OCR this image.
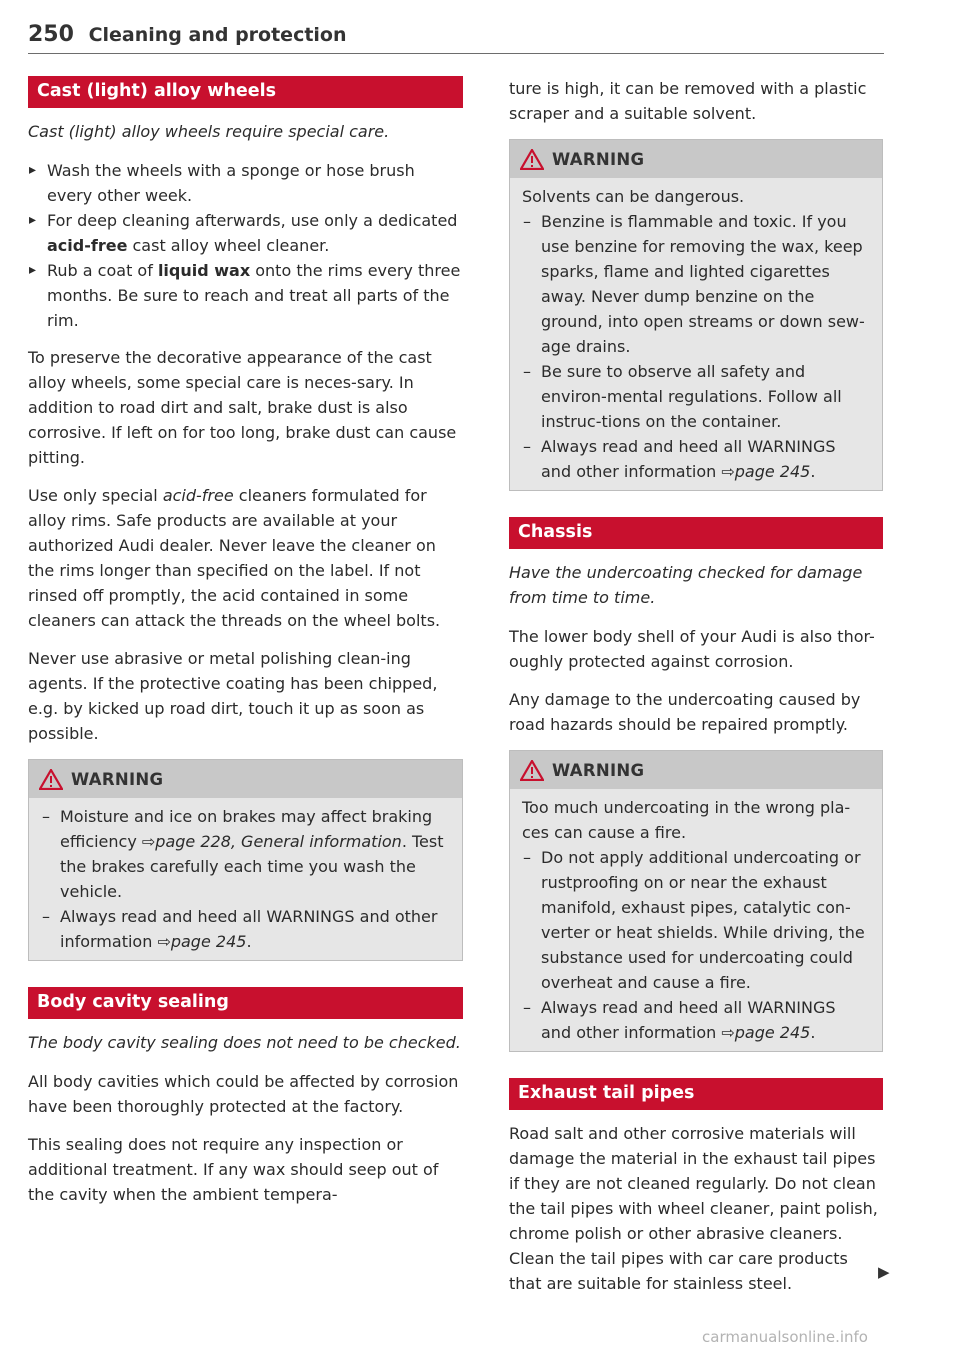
250 Cleaning and protection
Cast (light) alloy wheels
Cast (light) alloy wheels require special care.
▸ Wash the wheels with a sponge or hose brush every other week.
▸ For deep cleaning afterwards, use only a dedicated acid-free cast alloy wheel cleaner.
▸ Rub a coat of liquid wax onto the rims every three months. Be sure to reach and treat all parts of the rim.

To preserve the decorative appearance of the cast alloy wheels, some special care is neces-sary. In addition to road dirt and salt, brake dust is also corrosive. If left on for too long, brake dust can cause pitting.

Use only special acid-free cleaners formulated for alloy rims. Safe products are available at your authorized Audi dealer. Never leave the cleaner on the rims longer than specified on the label. If not rinsed off promptly, the acid contained in some cleaners can attack the threads on the wheel bolts.

Never use abrasive or metal polishing clean-ing agents. If the protective coating has been chipped, e.g. by kicked up road dirt, touch it up as soon as possible.

WARNING
– Moisture and ice on brakes may affect braking efficiency ⇨page 228, General information. Test the brakes carefully each time you wash the vehicle.
– Always read and heed all WARNINGS and other information ⇨page 245.
Body cavity sealing
The body cavity sealing does not need to be checked.

All body cavities which could be affected by corrosion have been thoroughly protected at the factory.

This sealing does not require any inspection or additional treatment. If any wax should seep out of the cavity when the ambient tempera-

ture is high, it can be removed with a plastic scraper and a suitable solvent.

WARNING

Solvents can be dangerous.

– Benzine is flammable and toxic. If you use benzine for removing the wax, keep sparks, flame and lighted cigarettes away. Never dump benzine on the ground, into open streams or down sew-age drains.
– Be sure to observe all safety and environ-mental regulations. Follow all instruc-tions on the container.
– Always read and heed all WARNINGS and other information ⇨page 245.
Chassis
Have the undercoating checked for damage from time to time.

The lower body shell of your Audi is also thor-oughly protected against corrosion.

Any damage to the undercoating caused by road hazards should be repaired promptly.

WARNING

Too much undercoating in the wrong pla-ces can cause a fire.

– Do not apply additional undercoating or rustproofing on or near the exhaust manifold, exhaust pipes, catalytic con-verter or heat shields. While driving, the substance used for undercoating could overheat and cause a fire.
– Always read and heed all WARNINGS and other information ⇨page 245.
Exhaust tail pipes

Road salt and other corrosive materials will damage the material in the exhaust tail pipes if they are not cleaned regularly. Do not clean the tail pipes with wheel cleaner, paint polish, chrome polish or other abrasive cleaners. Clean the tail pipes with car care products that are suitable for stainless steel.

▶
carmanualsonline.info
